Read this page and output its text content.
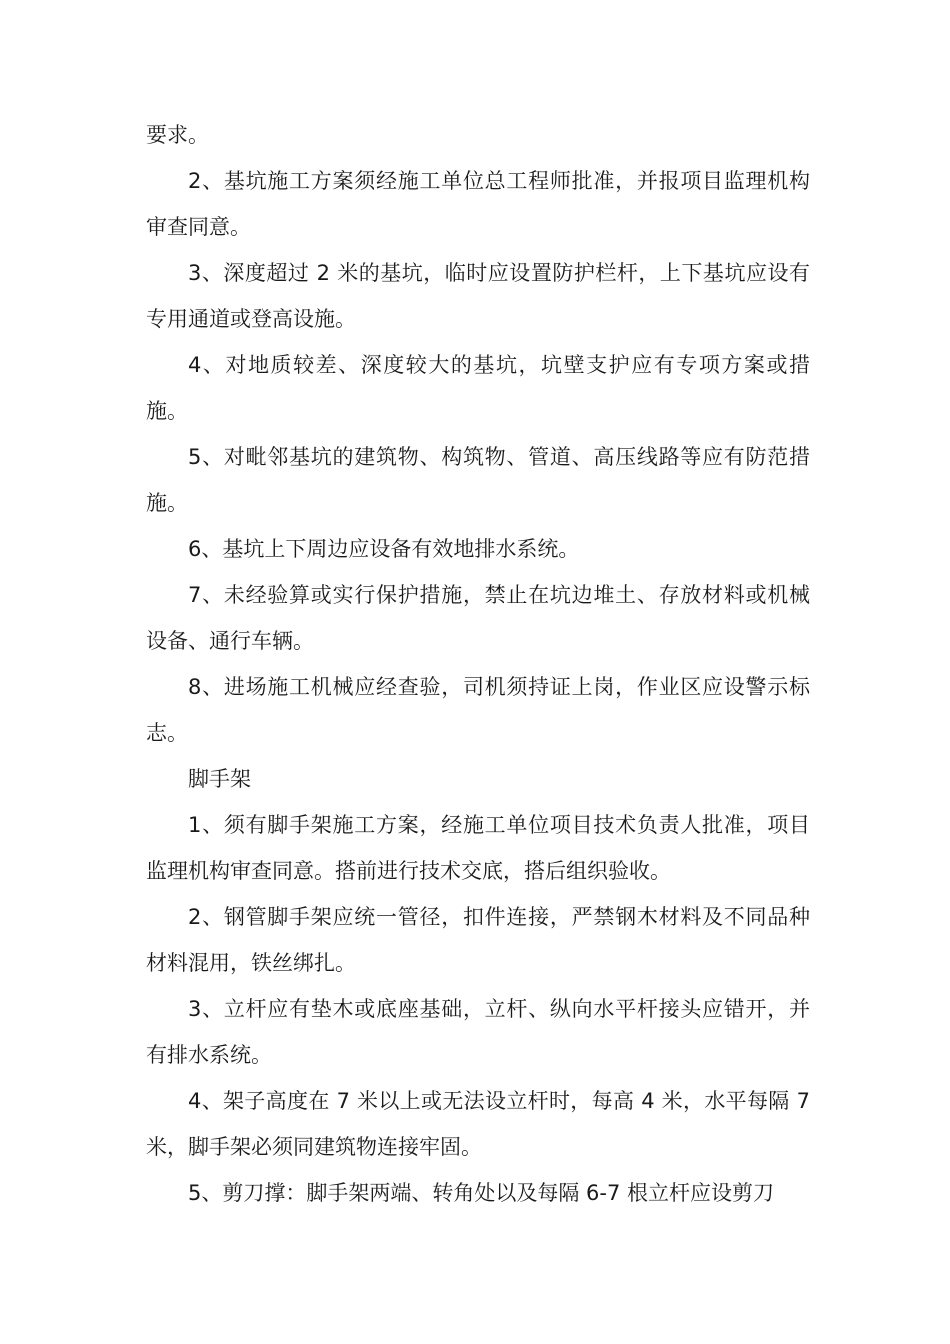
要求。

2、基坑施工方案须经施工单位总工程师批准，并报项目监理机构审查同意。

3、深度超过 2 米的基坑，临时应设置防护栏杆，上下基坑应设有专用通道或登高设施。

4、对地质较差、深度较大的基坑，坑壁支护应有专项方案或措施。

5、对毗邻基坑的建筑物、构筑物、管道、高压线路等应有防范措施。

6、基坑上下周边应设备有效地排水系统。

7、未经验算或实行保护措施，禁止在坑边堆土、存放材料或机械设备、通行车辆。

8、进场施工机械应经查验，司机须持证上岗，作业区应设警示标志。

脚手架

1、须有脚手架施工方案，经施工单位项目技术负责人批准，项目监理机构审查同意。搭前进行技术交底，搭后组织验收。

2、钢管脚手架应统一管径，扣件连接，严禁钢木材料及不同品种材料混用，铁丝绑扎。

3、立杆应有垫木或底座基础，立杆、纵向水平杆接头应错开，并有排水系统。

4、架子高度在 7 米以上或无法设立杆时，每高 4 米，水平每隔 7 米，脚手架必须同建筑物连接牢固。

5、剪刀撑：脚手架两端、转角处以及每隔 6-7 根立杆应设剪刀
